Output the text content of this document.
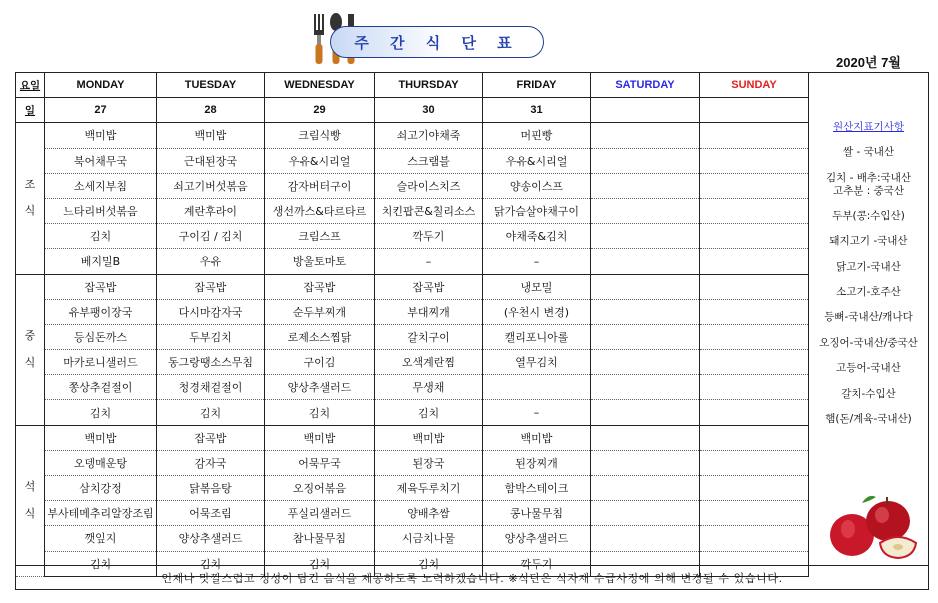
주 간 식 단 표
2020년 7월
요일	MONDAY	TUESDAY	WEDNESDAY	THURSDAY	FRIDAY	SATURDAY	SUNDAY
일	27	28	29	30	31		

조
식	백미밥	백미밥	크림식빵	쇠고기야채죽	머핀빵		
	북어채무국	근대된장국	우유&시리얼	스크램블	우유&시리얼		
	소세지부침	쇠고기버섯볶음	감자버터구이	슬라이스치즈	양송이스프		
	느타리버섯볶음	계란후라이	생선까스&타르타르	치킨팝콘&칠리소스	닭가슴살야채구이		
	김치	구이김 / 김치	크림스프	깍두기	야채죽&김치		
	베지밀B	우유	방울토마토	–	–		

중
식	잡곡밥	잡곡밥	잡곡밥	잡곡밥	냉모밀		
	유부팽이장국	다시마감자국	순두부찌개	부대찌개	(우천시 변경)		
	등심돈까스	두부김치	로제소스찜닭	갈치구이	캘리포니아롤		
	마카로니샐러드	동그랑땡소스무침	구이김	오색계란찜	열무김치		
	쫑상추겉절이	청경채겉절이	양상추샐러드	무생채			
	김치	김치	김치	김치	–		

석
식	백미밥	잡곡밥	백미밥	백미밥	백미밥		
	오뎅매운탕	감자국	어묵무국	된장국	된장찌개		
	삼치강정	닭볶음탕	오징어볶음	제육두루치기	함박스테이크		
	부사테메추리알장조림	어묵조림	푸실리샐러드	양배추쌈	콩나물무침		
	깻잎지	양상추샐러드	참나물무침	시금치나물	양상추샐러드		
	김치	김치	김치	김치	깍두기		
원산지표기사항
쌀 - 국내산
김치 - 배추:국내산
고추분 : 중국산
두부(콩:수입산)
돼지고기 -국내산
닭고기-국내산
소고기-호주산
등뼈-국내산/캐나다
오징어-국내산/중국산
고등어-국내산
갈치-수입산
햄(돈/계육-국내산)
언제나 맛깔스럽고 정성이 담긴 음식을 제공하도록 노력하겠습니다. ※식단은 식자재 수급사정에 의해 변경될 수 있습니다.
